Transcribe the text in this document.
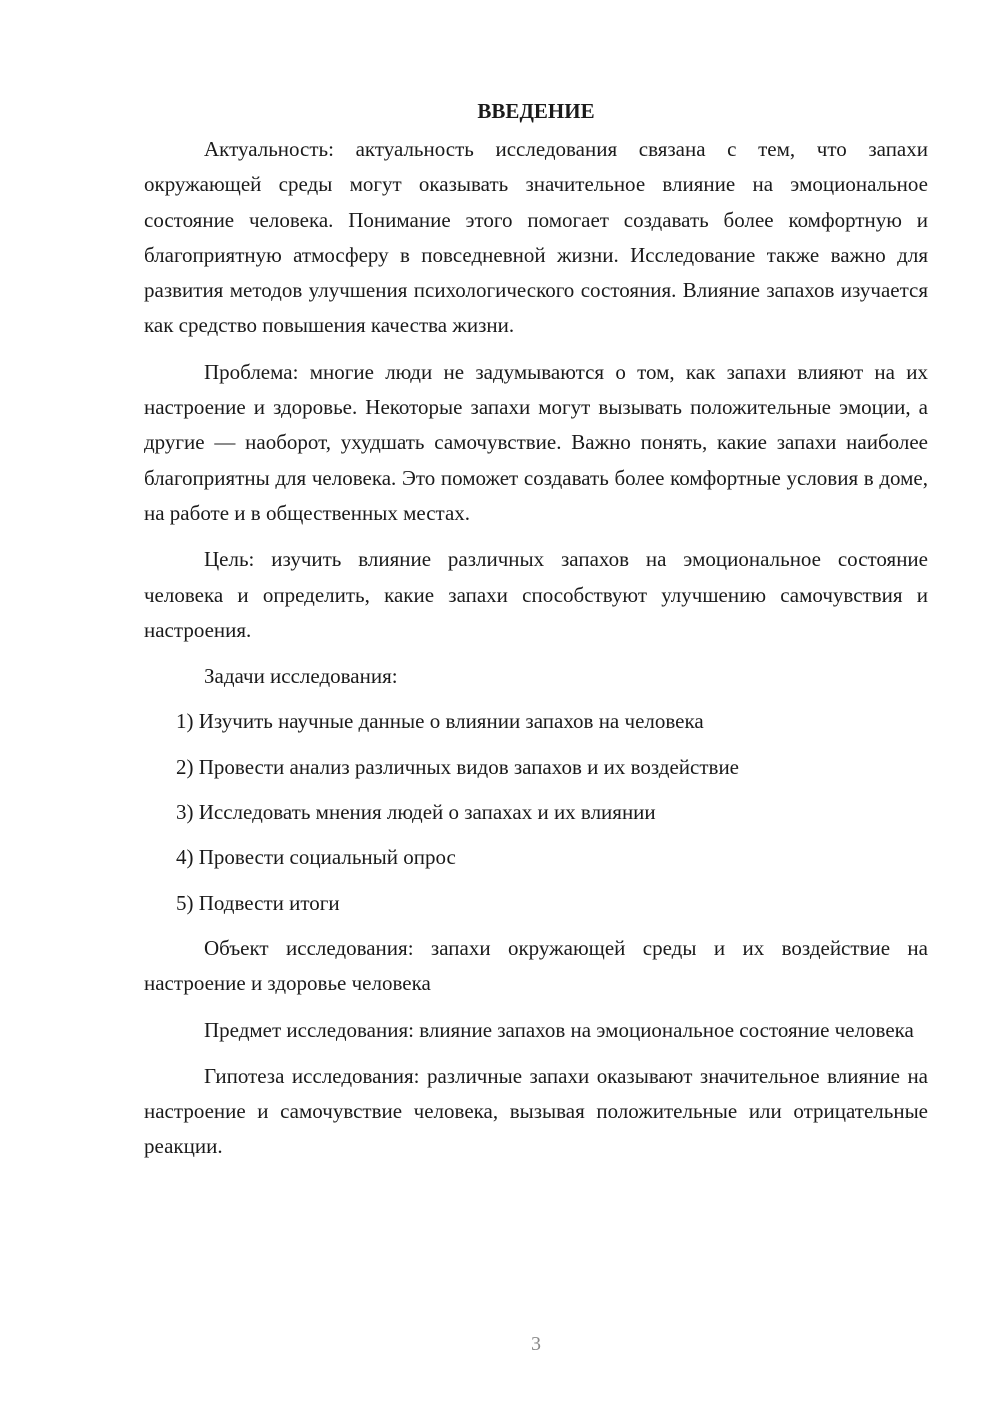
ВВЕДЕНИЕ

Актуальность: актуальность исследования связана с тем, что запахи окружающей среды могут оказывать значительное влияние на эмоциональное состояние человека. Понимание этого помогает создавать более комфортную и благоприятную атмосферу в повседневной жизни. Исследование также важно для развития методов улучшения психологического состояния. Влияние запахов изучается как средство повышения качества жизни.

Проблема: многие люди не задумываются о том, как запахи влияют на их настроение и здоровье. Некоторые запахи могут вызывать положительные эмоции, а другие — наоборот, ухудшать самочувствие. Важно понять, какие запахи наиболее благоприятны для человека. Это поможет создавать более комфортные условия в доме, на работе и в общественных местах.

Цель: изучить влияние различных запахов на эмоциональное состояние человека и определить, какие запахи способствуют улучшению самочувствия и настроения.

Задачи исследования:
1) Изучить научные данные о влиянии запахов на человека
2) Провести анализ различных видов запахов и их воздействие
3) Исследовать мнения людей о запахах и их влиянии
4) Провести социальный опрос
5) Подвести итоги

Объект исследования: запахи окружающей среды и их воздействие на настроение и здоровье человека

Предмет исследования: влияние запахов на эмоциональное состояние человека

Гипотеза исследования: различные запахи оказывают значительное влияние на настроение и самочувствие человека, вызывая положительные или отрицательные реакции.

3
